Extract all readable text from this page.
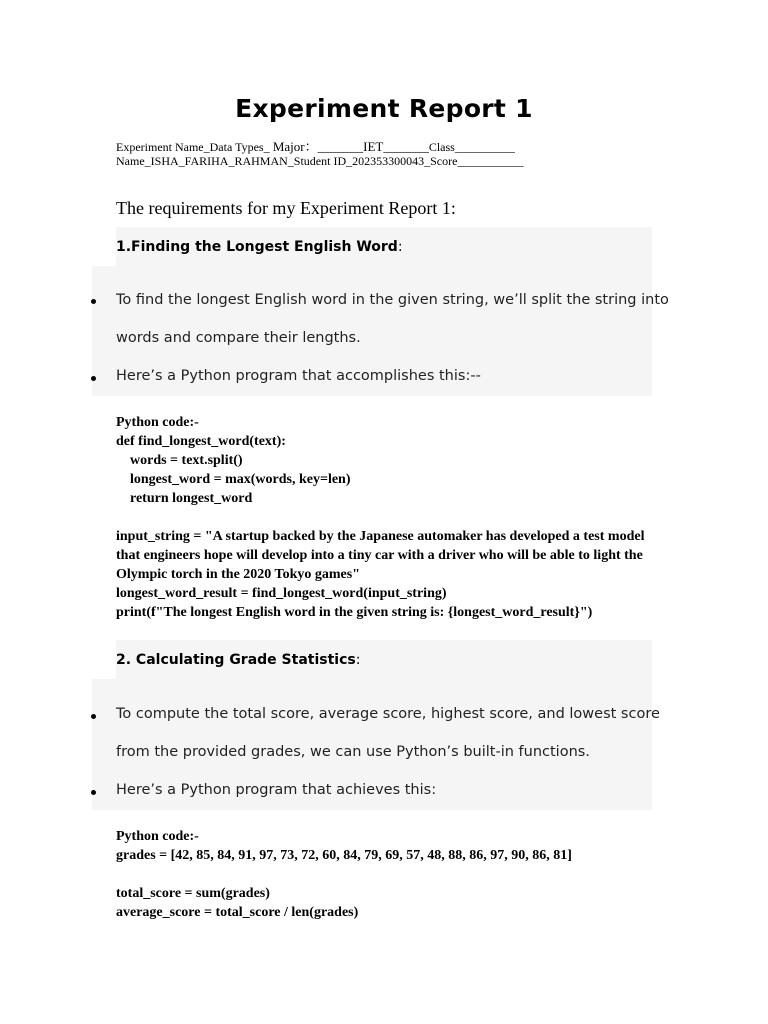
Experiment Report 1
Experiment Name_Data Types_ Major：_______IET_______Class__________
Name_ISHA_FARIHA_RAHMAN_Student ID_202353300043_Score___________
The requirements for my Experiment Report 1:
1.Finding the Longest English Word:
To find the longest English word in the given string, we’ll split the string into
words and compare their lengths.
Here’s a Python program that accomplishes this:--
Python code:-
def find_longest_word(text):
words = text.split()
longest_word = max(words, key=len)
return longest_word
input_string = "A startup backed by the Japanese automaker has developed a test model
that engineers hope will develop into a tiny car with a driver who will be able to light the
Olympic torch in the 2020 Tokyo games"
longest_word_result = find_longest_word(input_string)
print(f"The longest English word in the given string is: {longest_word_result}")
2. Calculating Grade Statistics:
To compute the total score, average score, highest score, and lowest score
from the provided grades, we can use Python’s built-in functions.
Here’s a Python program that achieves this:
Python code:-
grades = [42, 85, 84, 91, 97, 73, 72, 60, 84, 79, 69, 57, 48, 88, 86, 97, 90, 86, 81]
total_score = sum(grades)
average_score = total_score / len(grades)
